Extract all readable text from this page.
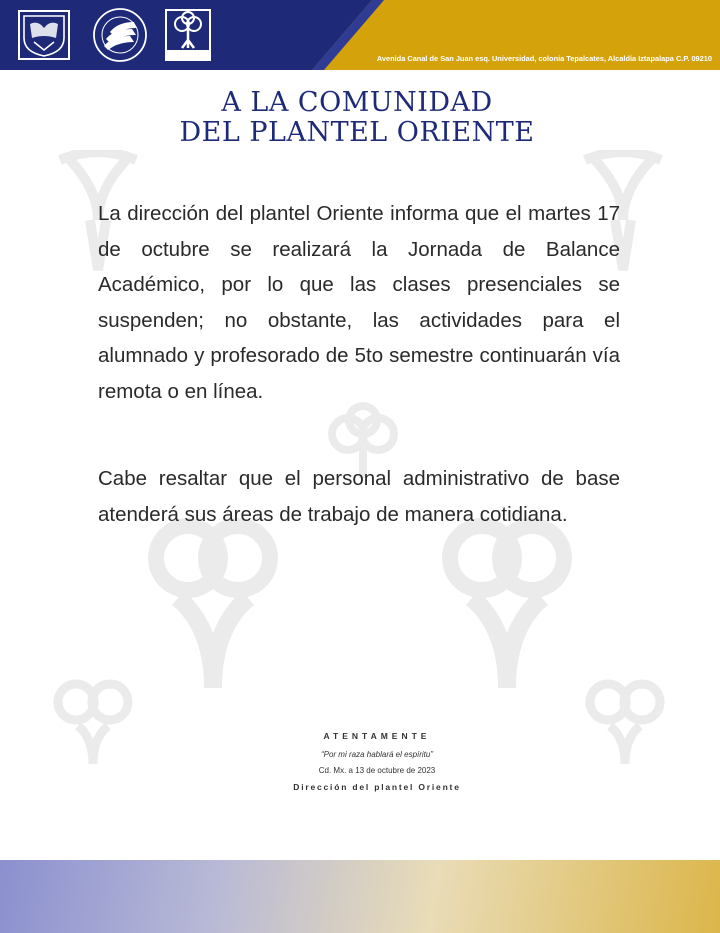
Avenida Canal de San Juan esq. Universidad, colonia Tepalcates, Alcaldía Iztapalapa C.P. 09210
A LA COMUNIDAD
DEL PLANTEL ORIENTE
La dirección del plantel Oriente informa que el martes 17 de octubre se realizará la Jornada de Balance Académico, por lo que las clases presenciales se suspenden; no obstante, las actividades para el alumnado y profesorado de 5to semestre continuarán vía remota o en línea.
Cabe resaltar que el personal administrativo de base atenderá sus áreas de trabajo de manera cotidiana.
ATENTAMENTE
“Por mi raza hablará el espíritu”
Cd. Mx. a 13 de octubre de 2023
Dirección del plantel Oriente
